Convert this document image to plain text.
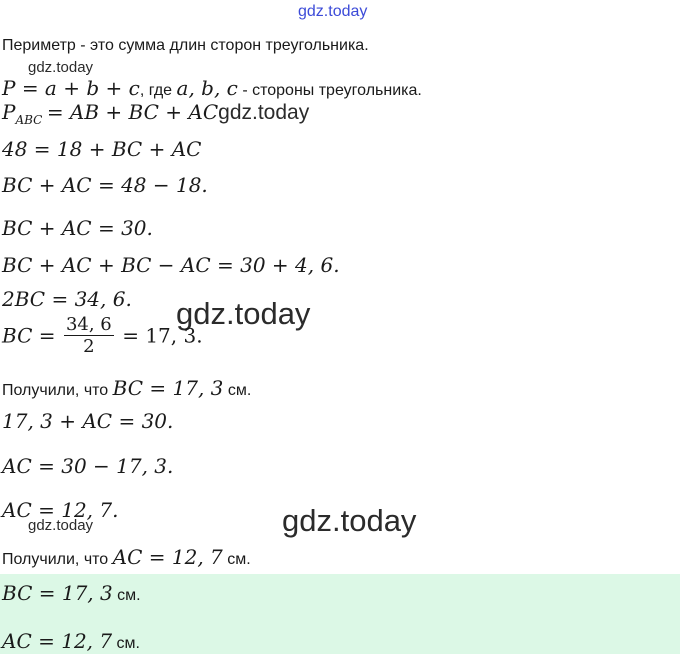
gdz.today
gdz.today
gdz.today
gdz.today
gdz.today
Периметр - это сумма длин сторон треугольника.
P = a + b + c, где a, b, c - стороны треугольника.
$P_{ABC}$ = AB + BC + ACgdz.today
48 = 18 + BC + AC
BC + AC = 48 − 18.
BC + AC = 30.
BC + AC + BC − AC = 30 + 4, 6.
2BC = 34, 6.
BC = $\frac{34, 6}{2} = 17$, 3.
Получили, что BC = 17, 3 см.
17, 3 + AC = 30.
AC = 30 − 17, 3.
AC = 12, 7.
Получили, что AC = 12, 7 см.
BC = 17, 3 см.
AC = 12, 7 см.
